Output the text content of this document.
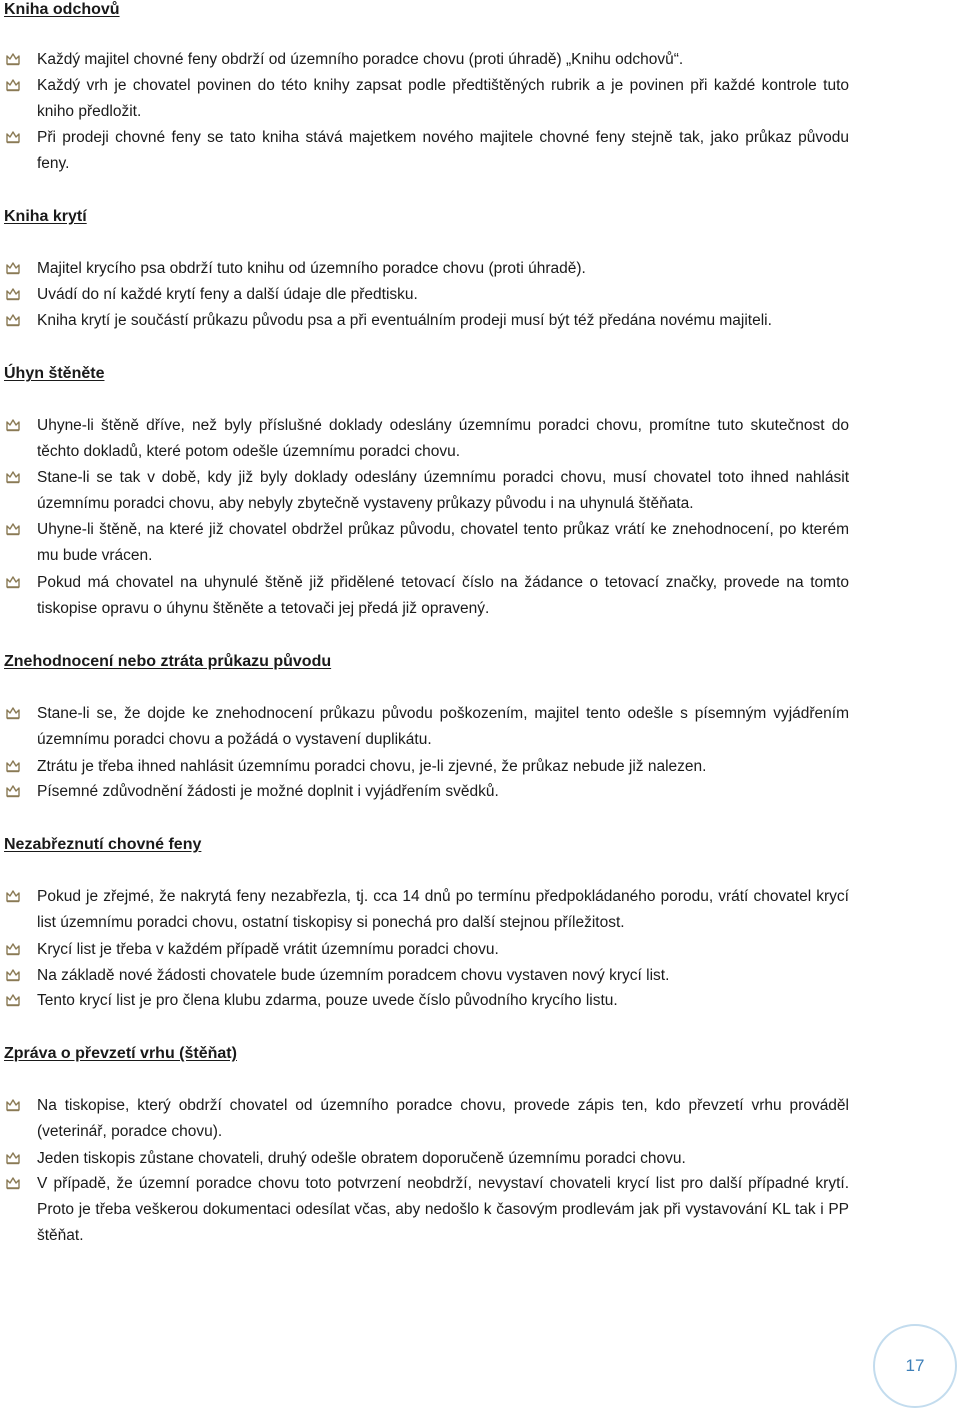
Kniha odchovů

Každý majitel chovné feny obdrží od územního poradce chovu (proti úhradě) „Knihu odchovů“.

Každý vrh je chovatel povinen do této knihy zapsat podle předtištěných rubrik a je povinen při každé kontrole tuto kniho předložit.

Při prodeji chovné feny se tato kniha stává majetkem nového majitele chovné feny stejně tak, jako průkaz původu feny.

Kniha krytí

Majitel krycího psa obdrží tuto knihu od územního poradce chovu (proti úhradě).

Uvádí do ní každé krytí feny a další údaje dle předtisku.

Kniha krytí je součástí průkazu původu psa a při eventuálním prodeji musí být též předána novému majiteli.

Úhyn štěněte

Uhyne-li štěně dříve, než byly příslušné doklady odeslány územnímu poradci chovu, promítne tuto skutečnost do těchto dokladů, které potom odešle územnímu poradci chovu.

Stane-li se tak v době, kdy již byly doklady odeslány územnímu poradci chovu, musí chovatel toto ihned nahlásit územnímu poradci chovu, aby nebyly zbytečně vystaveny průkazy původu i na uhynulá štěňata.

Uhyne-li štěně, na které již chovatel obdržel průkaz původu, chovatel tento průkaz vrátí ke znehodnocení, po kterém mu bude vrácen.

Pokud má chovatel na uhynulé štěně již přidělené tetovací číslo na žádance o tetovací značky, provede na tomto tiskopise opravu o úhynu štěněte a tetovači jej předá již opravený.

Znehodnocení nebo ztráta průkazu původu

Stane-li se, že dojde ke znehodnocení průkazu původu poškozením, majitel tento odešle s písemným vyjádřením územnímu poradci chovu a požádá o vystavení duplikátu.

Ztrátu je třeba ihned nahlásit územnímu poradci chovu, je-li zjevné, že průkaz nebude již nalezen.

Písemné zdůvodnění žádosti je možné doplnit i vyjádřením svědků.

Nezabřeznutí chovné feny

Pokud je zřejmé, že nakrytá feny nezabřezla, tj. cca 14 dnů po termínu předpokládaného porodu, vrátí chovatel krycí list územnímu poradci chovu, ostatní tiskopisy si ponechá pro další stejnou příležitost.

Krycí list je třeba v každém případě vrátit územnímu poradci chovu.

Na základě nové žádosti chovatele bude územním poradcem chovu vystaven nový krycí list.

Tento krycí list je pro člena klubu zdarma, pouze uvede číslo původního krycího listu.

Zpráva o převzetí vrhu (štěňat)

Na tiskopise, který obdrží chovatel od územního poradce chovu, provede zápis ten, kdo převzetí vrhu prováděl (veterinář, poradce chovu).

Jeden tiskopis zůstane chovateli, druhý odešle obratem doporučeně územnímu poradci chovu.

V případě, že územní poradce chovu toto potvrzení neobdrží, nevystaví chovateli krycí list pro další případné krytí. Proto je třeba veškerou dokumentaci odesílat včas, aby nedošlo k časovým prodlevám jak při vystavování KL tak i PP štěňat.

17
